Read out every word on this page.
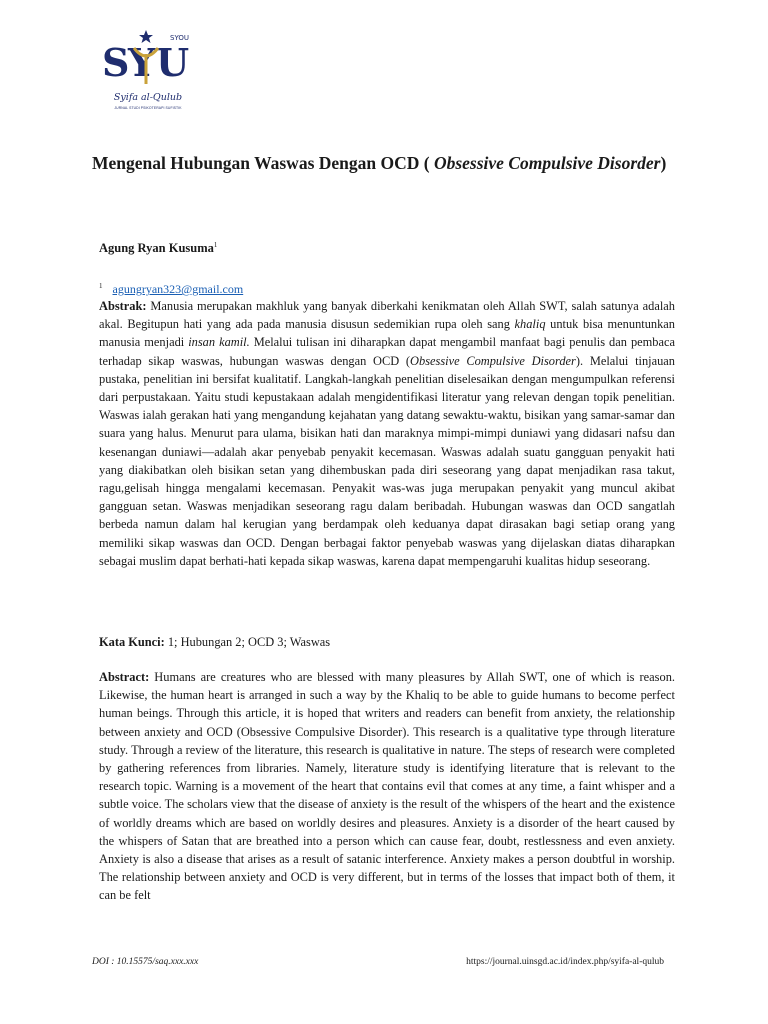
S
Y U
SYOU
Syifa al-Qulub
JURNAL STUDI PSIKOTERAPI SUFISTIK
Mengenal Hubungan Waswas Dengan OCD ( Obsessive Compulsive Disorder)
Agung Ryan Kusuma$^1$
$^1$ agungryan323@gmail.com

Abstrak: Manusia merupakan makhluk yang banyak diberkahi kenikmatan oleh Allah SWT, salah satunya adalah akal. Begitupun hati yang ada pada manusia disusun sedemikian rupa oleh sang khaliq untuk bisa menuntunkan manusia menjadi insan kamil. Melalui tulisan ini diharapkan dapat mengambil manfaat bagi penulis dan pembaca terhadap sikap waswas, hubungan waswas dengan OCD (Obsessive Compulsive Disorder). Melalui tinjauan pustaka, penelitian ini bersifat kualitatif. Langkah-langkah penelitian diselesaikan dengan mengumpulkan referensi dari perpustakaan. Yaitu studi kepustakaan adalah mengidentifikasi literatur yang relevan dengan topik penelitian. Waswas ialah gerakan hati yang mengandung kejahatan yang datang sewaktu-waktu, bisikan yang samar-samar dan suara yang halus. Menurut para ulama, bisikan hati dan maraknya mimpi-mimpi duniawi yang didasari nafsu dan kesenangan duniawi—adalah akar penyebab penyakit kecemasan. Waswas adalah suatu gangguan penyakit hati yang diakibatkan oleh bisikan setan yang dihembuskan pada diri seseorang yang dapat menjadikan rasa takut, ragu,gelisah hingga mengalami kecemasan. Penyakit was-was juga merupakan penyakit yang muncul akibat gangguan setan. Waswas menjadikan seseorang ragu dalam beribadah. Hubungan waswas dan OCD sangatlah berbeda namun dalam hal kerugian yang berdampak oleh keduanya dapat dirasakan bagi setiap orang yang memiliki sikap waswas dan OCD. Dengan berbagai faktor penyebab waswas yang dijelaskan diatas diharapkan sebagai muslim dapat berhati-hati kepada sikap waswas, karena dapat mempengaruhi kualitas hidup seseorang.

Kata Kunci: 1; Hubungan 2; OCD 3; Waswas

Abstract: Humans are creatures who are blessed with many pleasures by Allah SWT, one of which is reason. Likewise, the human heart is arranged in such a way by the Khaliq to be able to guide humans to become perfect human beings. Through this article, it is hoped that writers and readers can benefit from anxiety, the relationship between anxiety and OCD (Obsessive Compulsive Disorder). This research is a qualitative type through literature study. Through a review of the literature, this research is qualitative in nature. The steps of research were completed by gathering references from libraries. Namely, literature study is identifying literature that is relevant to the research topic. Warning is a movement of the heart that contains evil that comes at any time, a faint whisper and a subtle voice. The scholars view that the disease of anxiety is the result of the whispers of the heart and the existence of worldly dreams which are based on worldly desires and pleasures. Anxiety is a disorder of the heart caused by the whispers of Satan that are breathed into a person which can cause fear, doubt, restlessness and even anxiety. Anxiety is also a disease that arises as a result of satanic interference. Anxiety makes a person doubtful in worship. The relationship between anxiety and OCD is very different, but in terms of the losses that impact both of them, it can be felt

DOI : 10.15575/saq.xxx.xxx	https://journal.uinsgd.ac.id/index.php/syifa-al-qulub
